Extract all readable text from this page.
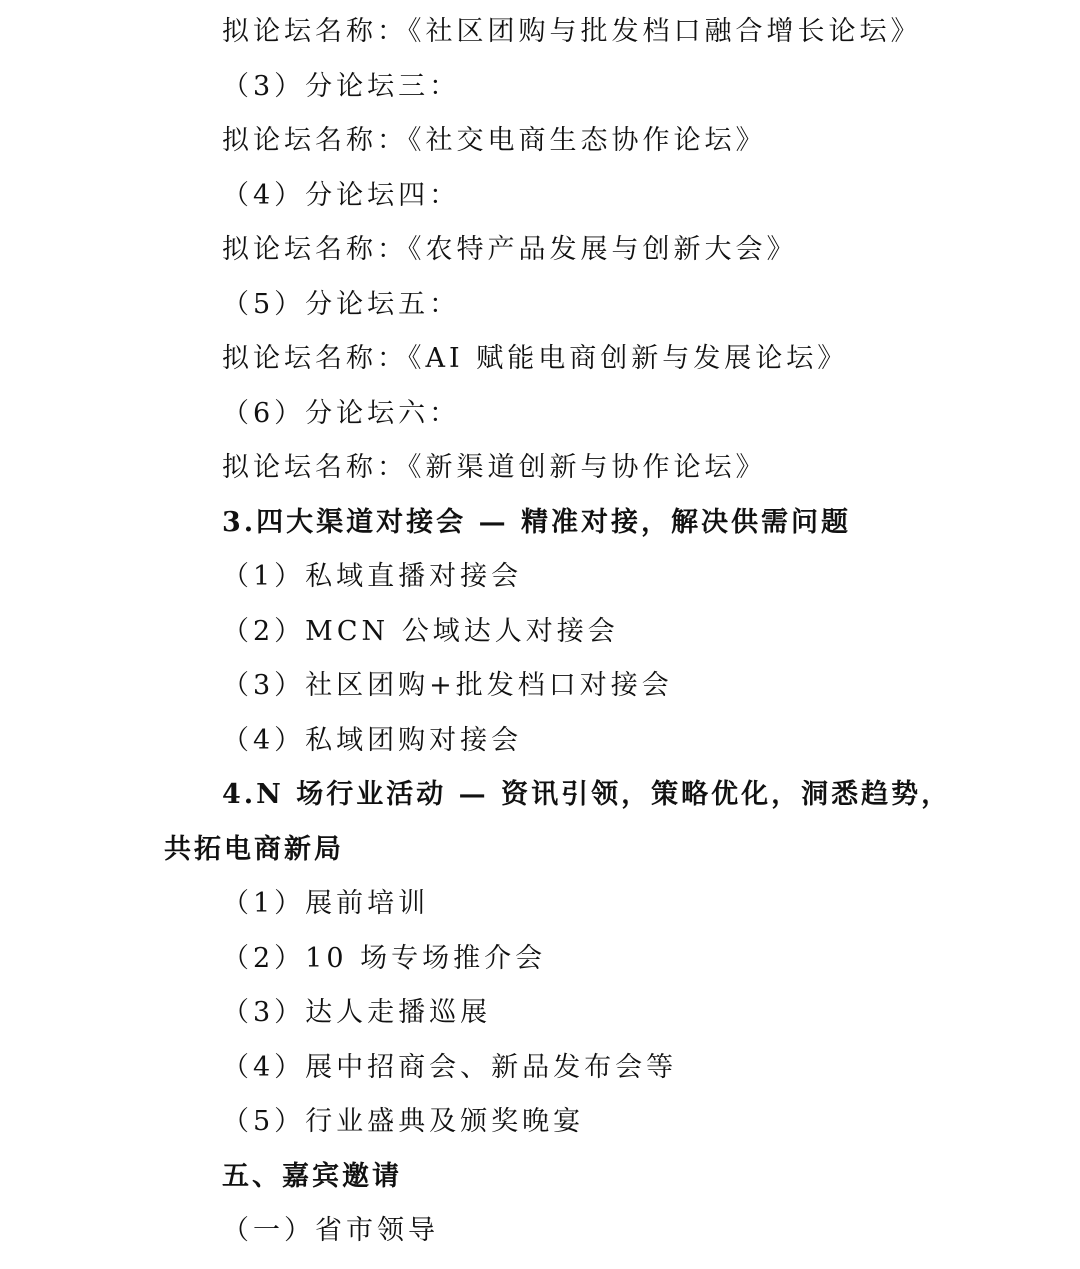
拟论坛名称：《社区团购与批发档口融合增长论坛》
（3）分论坛三：
拟论坛名称：《社交电商生态协作论坛》
（4）分论坛四：
拟论坛名称：《农特产品发展与创新大会》
（5）分论坛五：
拟论坛名称：《AI 赋能电商创新与发展论坛》
（6）分论坛六：
拟论坛名称：《新渠道创新与协作论坛》
3.四大渠道对接会 — 精准对接，解决供需问题
（1）私域直播对接会
（2）MCN 公域达人对接会
（3）社区团购+批发档口对接会
（4）私域团购对接会
4.N 场行业活动 — 资讯引领，策略优化，洞悉趋势，
共拓电商新局
（1）展前培训
（2）10 场专场推介会
（3）达人走播巡展
（4）展中招商会、新品发布会等
（5）行业盛典及颁奖晚宴
五、嘉宾邀请
（一）省市领导
